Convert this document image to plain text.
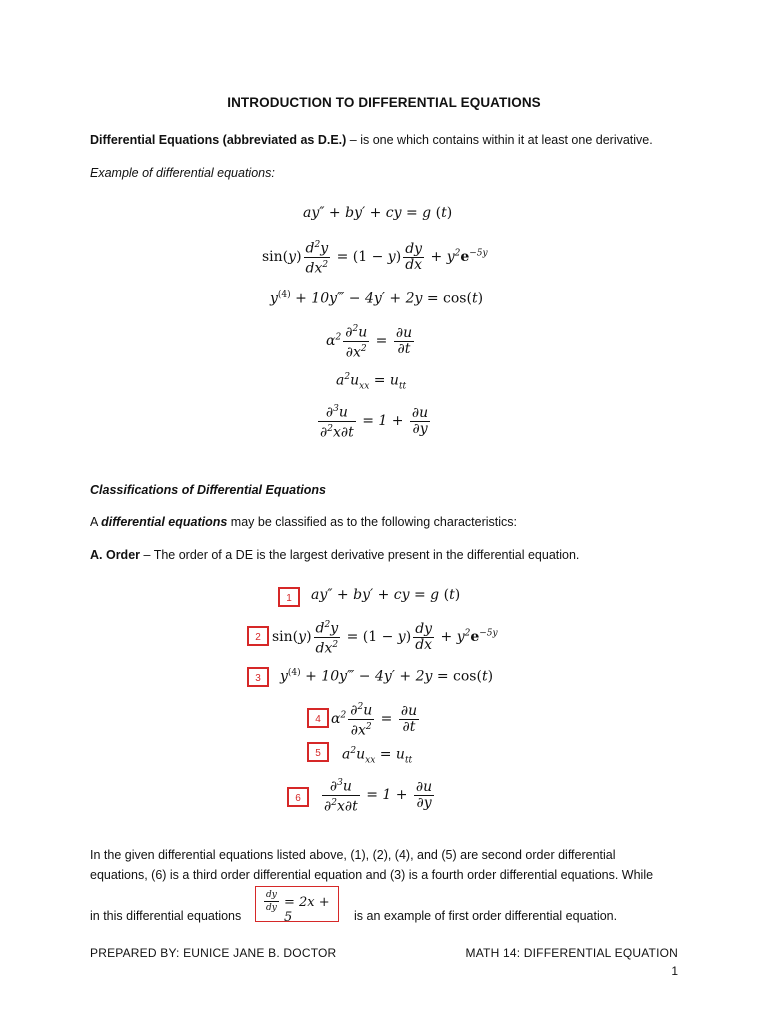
INTRODUCTION TO DIFFERENTIAL EQUATIONS
Differential Equations (abbreviated as D.E.) – is one which contains within it at least one derivative.
Example of differential equations:
ay″ + by′ + cy = g (t)
$\sin(y) \frac{d^2y}{dx^2} = (1 - y) \frac{dy}{dx} + y^2e^{-5y}$
$y^{(4)}$ + 10y‴ − 4y′ + 2y = cos(t)
$\alpha^2 \frac{\partial^2u}{\partial x^2} = \frac{\partial u}{\partial t}$
$a^2u_{xx} = u_{tt}$
$\frac{\partial^3u}{\partial^2x\partial t} = 1 + \frac{\partial u}{\partial y}$
Classifications of Differential Equations
A differential equations may be classified as to the following characteristics:
A. Order – The order of a DE is the largest derivative present in the differential equation.
1	ay″ + by′ + cy = g (t)
2 $\sin(y) \frac{d^2y}{dx^2} = (1 - y) \frac{dy}{dx} + y^2e^{-5y}$
3	$y^{(4)}$ + 10y‴ − 4y′ + 2y = cos(t)
4 $\alpha^2 \frac{\partial^2u}{\partial x^2} = \frac{\partial u}{\partial t}$
5	$a^2u_{xx} = u_{tt}$
6	$\frac{\partial^3u}{\partial^2x\partial t} = 1 + \frac{\partial u}{\partial y}$
In the given differential equations listed above, (1), (2), (4), and (5) are second order differential
equations, (6) is a third order differential equation and (3) is a fourth order differential equations. While
in this differential equations
$\frac{dy}{dy} = 2x + 5$	is an example of first order differential equation.
PREPARED BY: EUNICE JANE B. DOCTOR	MATH 14: DIFFERENTIAL EQUATION
1
